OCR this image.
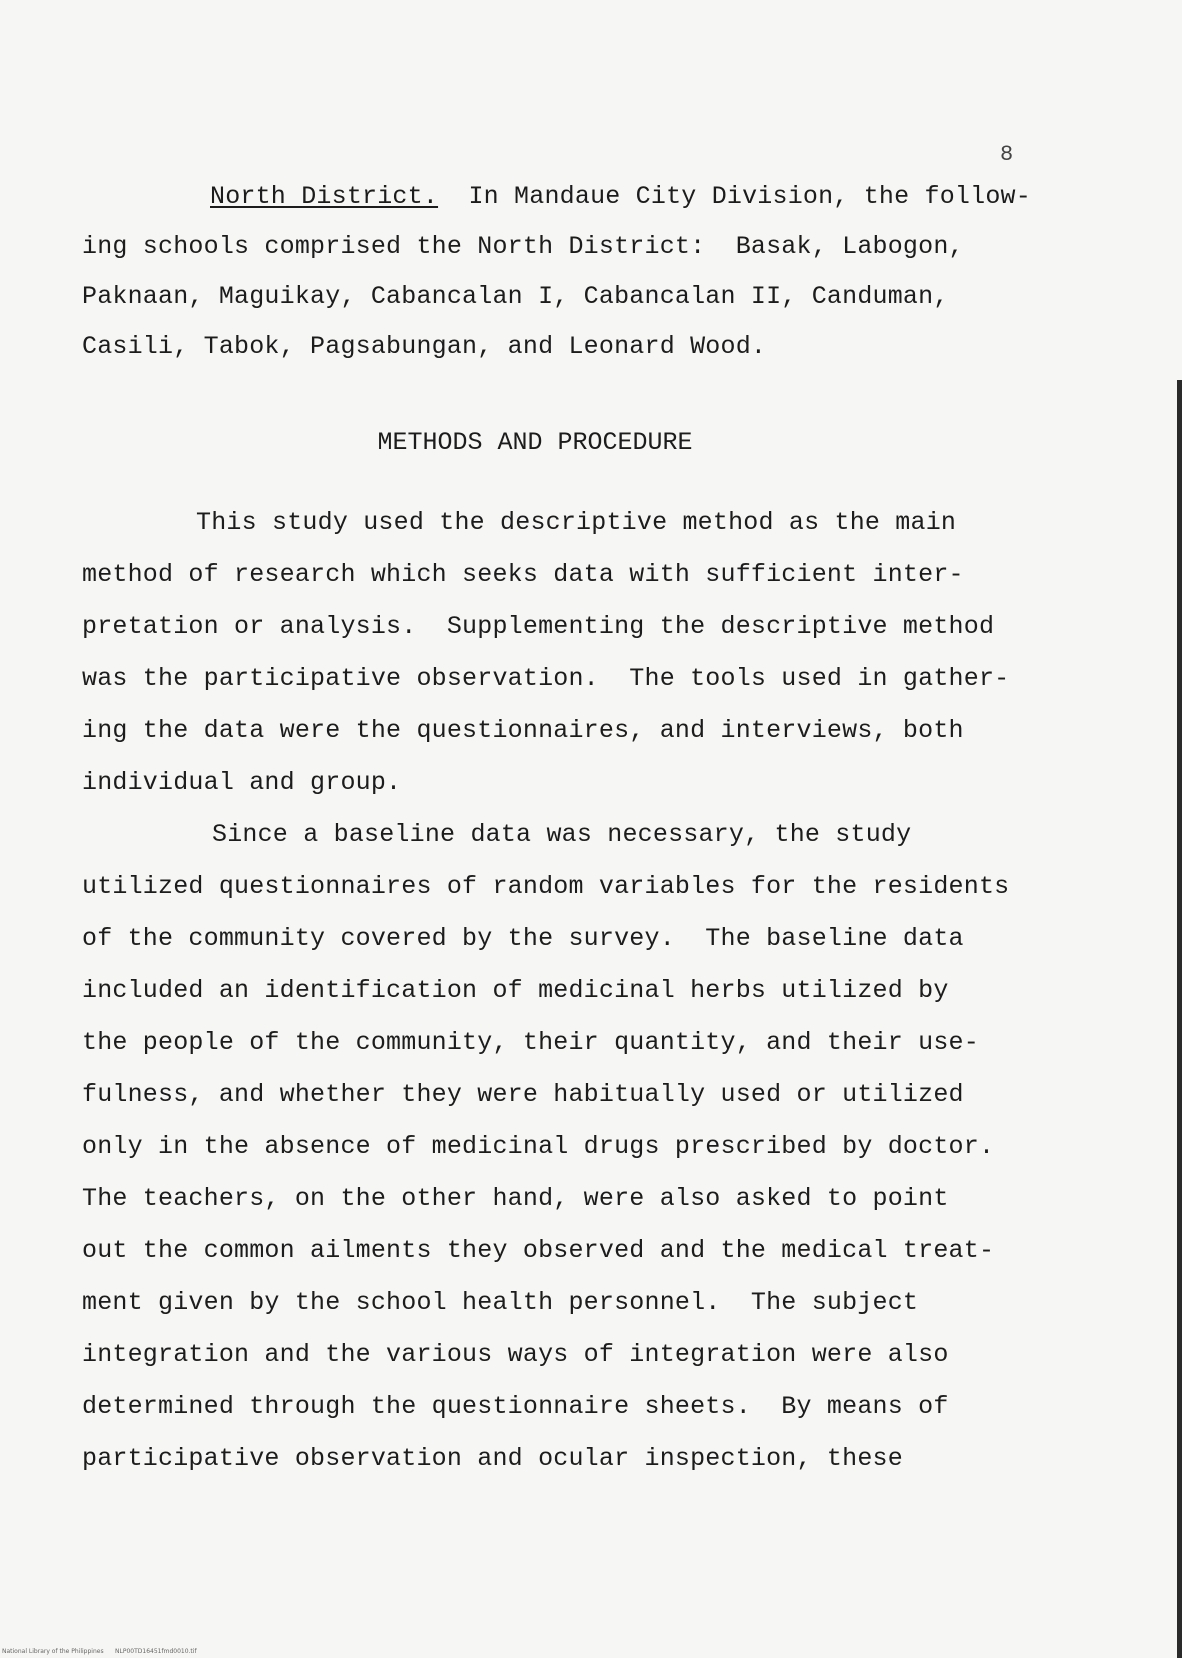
8
North District.  In Mandaue City Division, the follow-
ing schools comprised the North District:  Basak, Labogon,
Paknaan, Maguikay, Cabancalan I, Cabancalan II, Canduman,
Casili, Tabok, Pagsabungan, and Leonard Wood.
METHODS AND PROCEDURE
This study used the descriptive method as the main
method of research which seeks data with sufficient inter-
pretation or analysis.  Supplementing the descriptive method
was the participative observation.  The tools used in gather-
ing the data were the questionnaires, and interviews, both
individual and group.
Since a baseline data was necessary, the study
utilized questionnaires of random variables for the residents
of the community covered by the survey.  The baseline data
included an identification of medicinal herbs utilized by
the people of the community, their quantity, and their use-
fulness, and whether they were habitually used or utilized
only in the absence of medicinal drugs prescribed by doctor.
The teachers, on the other hand, were also asked to point
out the common ailments they observed and the medical treat-
ment given by the school health personnel.  The subject
integration and the various ways of integration were also
determined through the questionnaire sheets.  By means of
participative observation and ocular inspection, these
National Library of the Philippines NLP00TD16451fmd0010.tif
